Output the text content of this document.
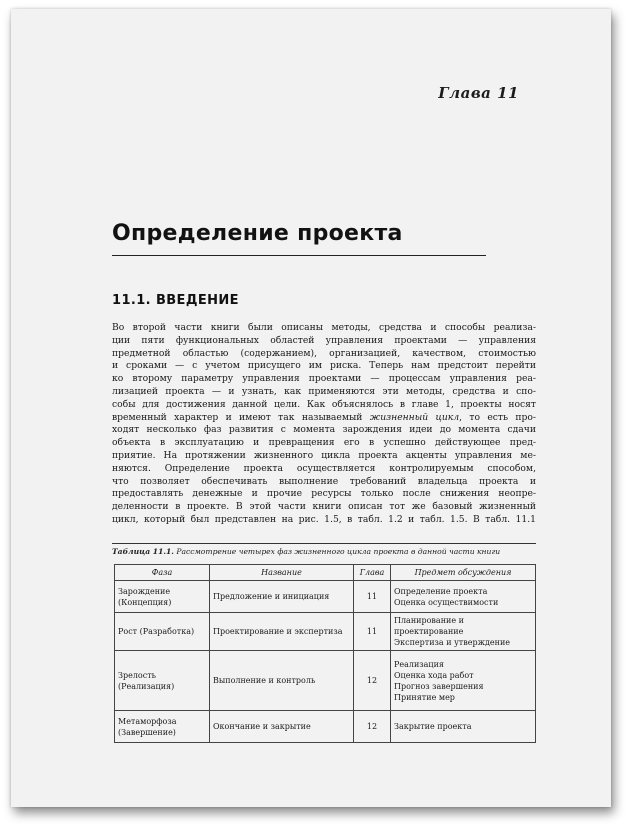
Глава 11
Определение проекта
11.1. ВВЕДЕНИЕ
Во второй части книги были описаны методы, средства и способы реализа-
ции пяти функциональных областей управления проектами — управления
предметной областью (содержанием), организацией, качеством, стоимостью
и сроками — с учетом присущего им риска. Теперь нам предстоит перейти
ко второму параметру управления проектами — процессам управления реа-
лизацией проекта — и узнать, как применяются эти методы, средства и спо-
собы для достижения данной цели. Как объяснялось в главе 1, проекты носят
временный характер и имеют так называемый жизненный цикл, то есть про-
ходят несколько фаз развития с момента зарождения идеи до момента сдачи
объекта в эксплуатацию и превращения его в успешно действующее пред-
приятие. На протяжении жизненного цикла проекта акценты управления ме-
няются. Определение проекта осуществляется контролируемым способом,
что позволяет обеспечивать выполнение требований владельца проекта и
предоставлять денежные и прочие ресурсы только после снижения неопре-
деленности в проекте. В этой части книги описан тот же базовый жизненный
цикл, который был представлен на рис. 1.5, в табл. 1.2 и табл. 1.5. В табл. 11.1
Таблица 11.1. Рассмотрение четырех фаз жизненного цикла проекта в данной части книги
Фаза	Название	Глава	Предмет обсуждения
Зарождение
(Концепция)	Предложение и инициация	11	Определение проекта
Оценка осуществимости
Рост (Разработка)	Проектирование и экспертиза	11	Планирование и проектирование
Экспертиза и утверждение
Зрелость
(Реализация)	Выполнение и контроль	12	Реализация
Оценка хода работ
Прогноз завершения
Принятие мер
Метаморфоза
(Завершение)	Окончание и закрытие	12	Закрытие проекта
